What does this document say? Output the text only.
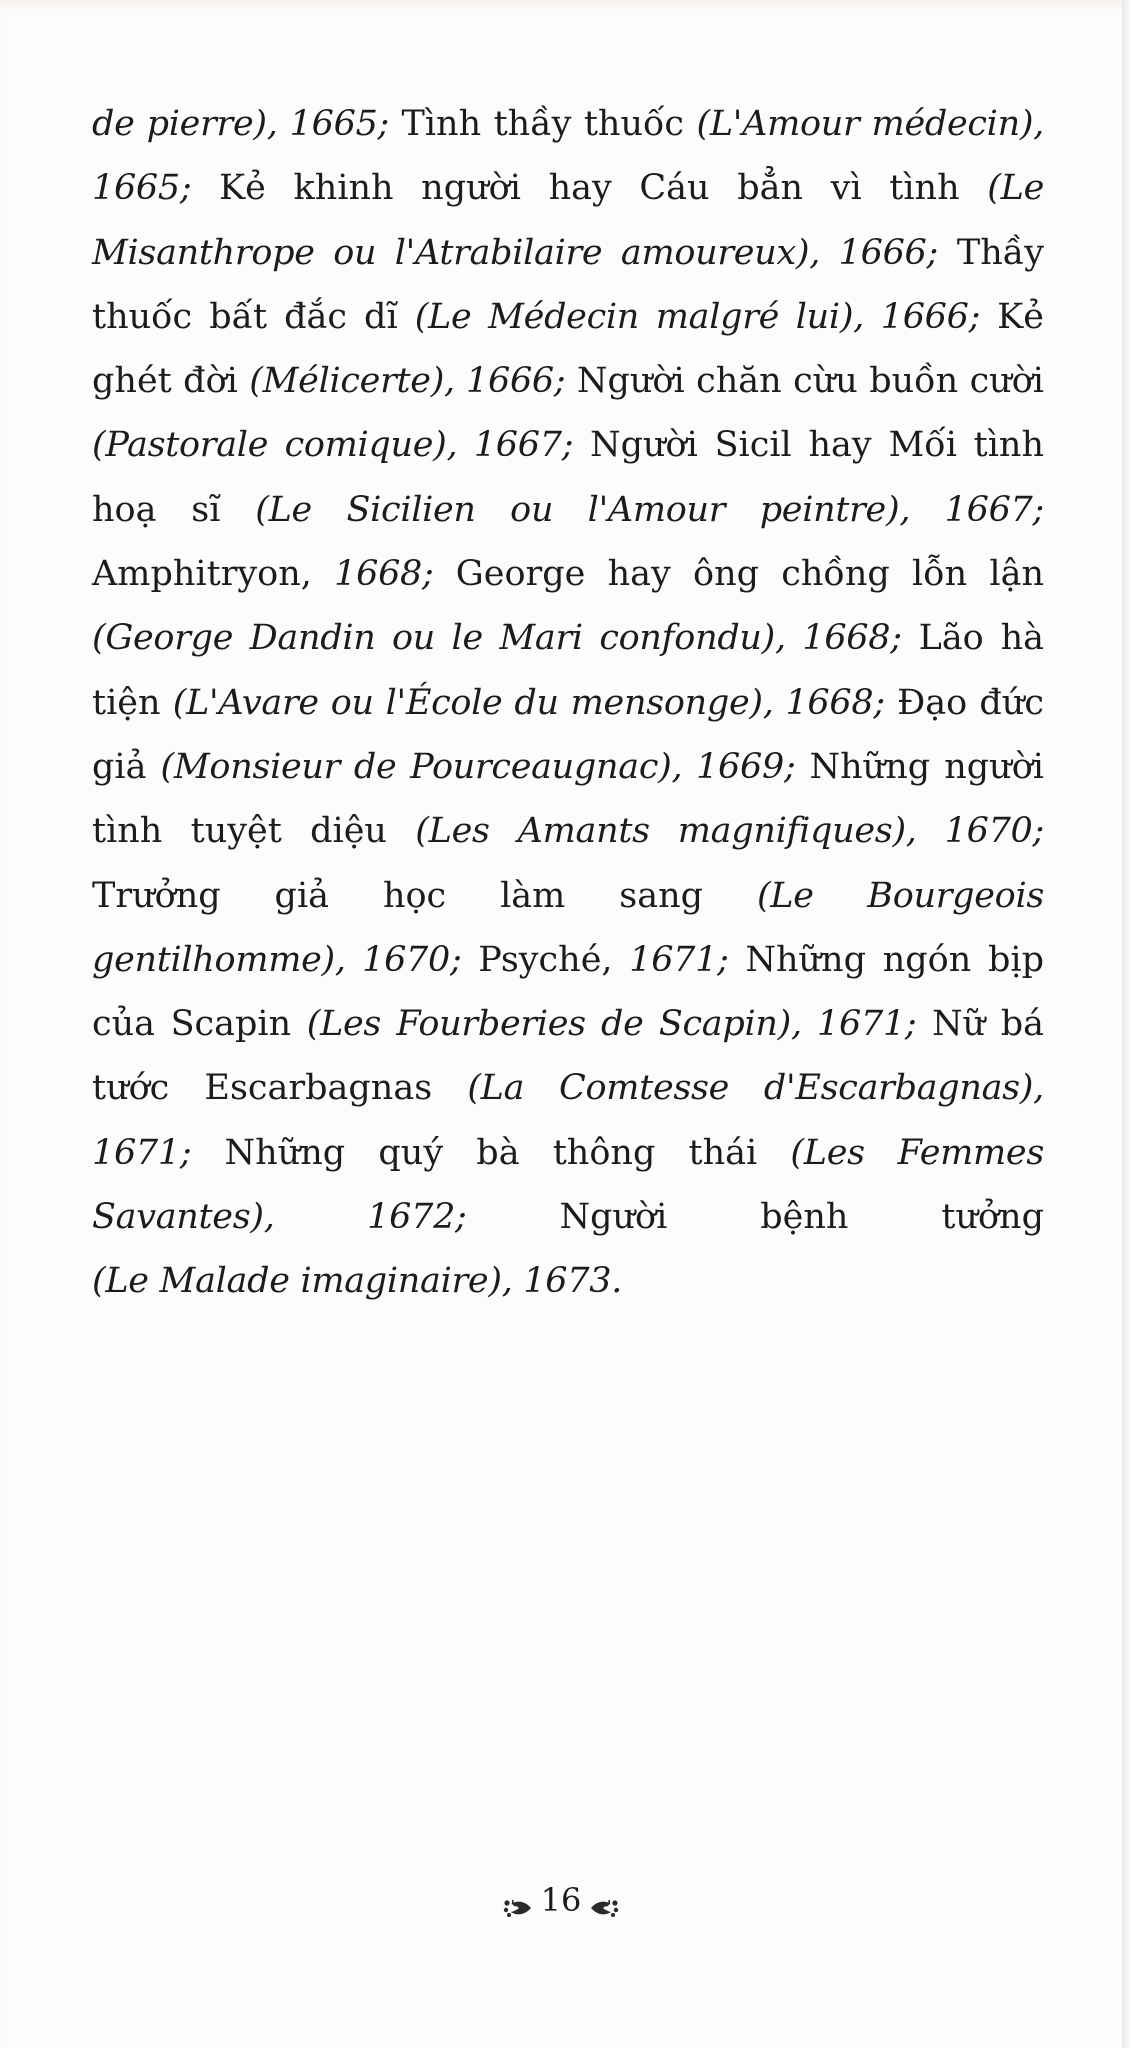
de pierre), 1665; Tình thầy thuốc (L'Amour médecin), 1665; Kẻ khinh người hay Cáu bẳn vì tình (Le Misanthrope ou l'Atrabilaire amoureux), 1666; Thầy thuốc bất đắc dĩ (Le Médecin malgré lui), 1666; Kẻ ghét đời (Mélicerte), 1666; Người chăn cừu buồn cười (Pastorale comique), 1667; Người Sicil hay Mối tình hoạ sĩ (Le Sicilien ou l'Amour peintre), 1667; Amphitryon, 1668; George hay ông chồng lỗn lận (George Dandin ou le Mari confondu), 1668; Lão hà tiện (L'Avare ou l'École du mensonge), 1668; Đạo đức giả (Monsieur de Pourceaugnac), 1669; Những người tình tuyệt diệu (Les Amants magnifiques), 1670; Trưởng giả học làm sang (Le Bourgeois gentilhomme), 1670; Psyché, 1671; Những ngón bịp của Scapin (Les Fourberies de Scapin), 1671; Nữ bá tước Escarbagnas (La Comtesse d'Escarbagnas), 1671; Những quý bà thông thái (Les Femmes Savantes), 1672; Người bệnh tưởng
(Le Malade imaginaire), 1673.
16
